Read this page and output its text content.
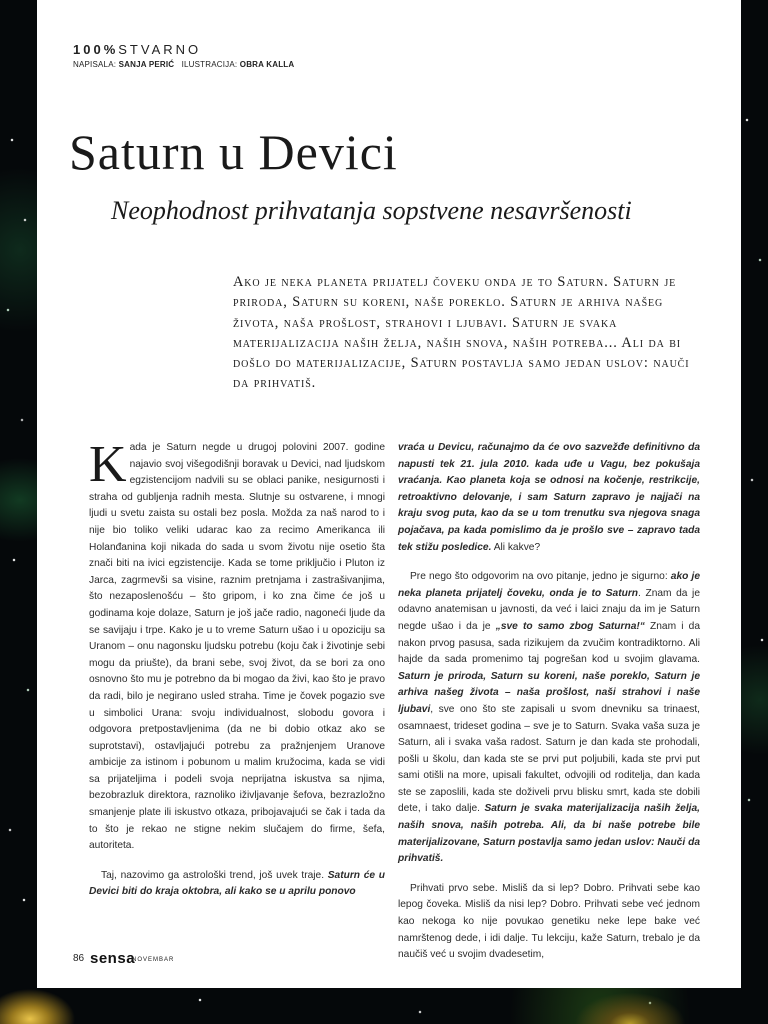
100%STVARNO
NAPISALA: SANJA PERIĆ ILUSTRACIJA: OBRA KALLA
Saturn u Devici
Neophodnost prihvatanja sopstvene nesavršenosti
Ako je neka planeta prijatelj čoveku onda je to Saturn. Saturn je priroda, Saturn su koreni, naše poreklo. Saturn je arhiva našeg života, naša prošlost, strahovi i ljubavi. Saturn je svaka materijalizacija naših želja, naših snova, naših potreba... Ali da bi došlo do materijalizacije, Saturn postavlja samo jedan uslov: nauči da prihvatiš.

Kada je Saturn negde u drugoj polovini 2007. godine najavio svoj višegodišnji boravak u Devici, nad ljudskom egzistencijom nadvili su se oblaci panike, nesigurnosti i straha od gubljenja radnih mesta. Slutnje su ostvarene, i mnogi ljudi u svetu zaista su ostali bez posla. Možda za naš narod to i nije bio toliko veliki udarac kao za recimo Amerikanca ili Holanđanina koji nikada do sada u svom životu nije osetio šta znači biti na ivici egzistencije. Kada se tome priključio i Pluton iz Jarca, zagrmevši sa visine, raznim pretnjama i zastrašivanjima, što nezaposlenošću – što gripom, i ko zna čime će još u godinama koje dolaze, Saturn je još jače radio, nagoneći ljude da se savijaju i trpe. Kako je u to vreme Saturn ušao i u opoziciju sa Uranom – onu nagonsku ljudsku potrebu (koju čak i životinje sebi mogu da priušte), da brani sebe, svoj život, da se bori za ono osnovno što mu je potrebno da bi mogao da živi, kao što je pravo da radi, bilo je negirano usled straha. Time je čovek pogazio sve u simbolici Urana: svoju individualnost, slobodu govora i odgovora pretpostavljenima (da ne bi dobio otkaz ako se suprotstavi), ostavljajući potrebu za pražnjenjem Uranove ambicije za istinom i pobunom u malim kružocima, kada se vidi sa prijateljima i podeli svoja neprijatna iskustva sa njima, bezobrazluk direktora, raznoliko iživljavanje šefova, bezrazložno smanjenje plate ili iskustvo otkaza, pribojavajući se čak i tada da to što je rekao ne stigne nekim slučajem do firme, šefa, autoriteta.

Taj, nazovimo ga astrološki trend, još uvek traje. Saturn će u Devici biti do kraja oktobra, ali kako se u aprilu ponovo

vraća u Devicu, računajmo da će ovo sazvežđe definitivno da napusti tek 21. jula 2010. kada uđe u Vagu, bez pokušaja vraćanja. Kao planeta koja se odnosi na kočenje, restrikcije, retroaktivno delovanje, i sam Saturn zapravo je najjači na kraju svog puta, kao da se u tom trenutku sva njegova snaga pojačava, pa kada pomislimo da je prošlo sve – zapravo tada tek stižu posledice. Ali kakve?

Pre nego što odgovorim na ovo pitanje, jedno je sigurno: ako je neka planeta prijatelj čoveku, onda je to Saturn. Znam da je odavno anatemisan u javnosti, da već i laici znaju da im je Saturn negde ušao i da je „sve to samo zbog Saturna!“ Znam i da nakon prvog pasusa, sada rizikujem da zvučim kontradiktorno. Ali hajde da sada promenimo taj pogrešan kod u svojim glavama. Saturn je priroda, Saturn su koreni, naše poreklo, Saturn je arhiva našeg života – naša prošlost, naši strahovi i naše ljubavi, sve ono što ste zapisali u svom dnevniku sa trinaest, osamnaest, trideset godina – sve je to Saturn. Svaka vaša suza je Saturn, ali i svaka vaša radost. Saturn je dan kada ste prohodali, pošli u školu, dan kada ste se prvi put poljubili, kada ste prvi put sami otišli na more, upisali fakultet, odvojili od roditelja, dan kada ste se zaposlili, kada ste doživeli prvu blisku smrt, kada ste dobili dete, i tako dalje. Saturn je svaka materijalizacija naših želja, naših snova, naših potreba. Ali, da bi naše potrebe bile materijalizovane, Saturn postavlja samo jedan uslov: Nauči da prihvatiš.

Prihvati prvo sebe. Misliš da si lep? Dobro. Prihvati sebe kao lepog čoveka. Misliš da nisi lep? Dobro. Prihvati sebe već jednom kao nekoga ko nije povukao genetiku neke lepe bake već namrštenog dede, i idi dalje. Tu lekciju, kaže Saturn, trebalo je da naučiš već u svojim dvadesetim,

86 sensa
NOVEMBAR
